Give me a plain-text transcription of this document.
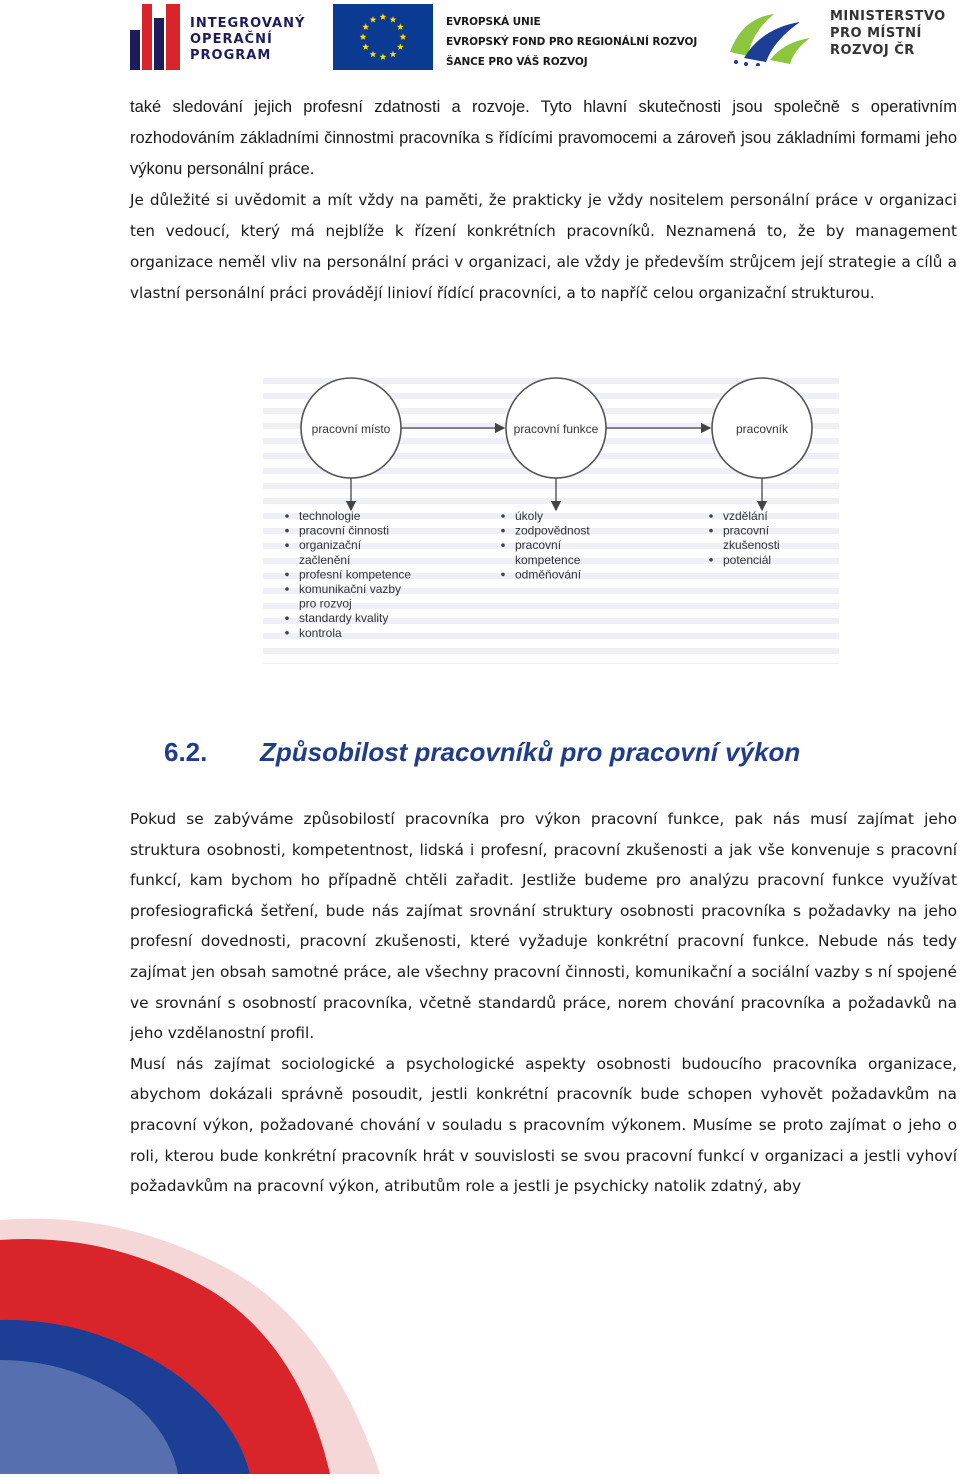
INTEGROVANÝ
OPERAČNÍ
PROGRAM
EVROPSKÁ UNIE
EVROPSKÝ FOND PRO REGIONÁLNÍ ROZVOJ
ŠANCE PRO VÁŠ ROZVOJ
MINISTERSTVO
PRO MÍSTNÍ
ROZVOJ ČR

také sledování jejich profesní zdatnosti a rozvoje. Tyto hlavní skutečnosti jsou společně s operativním rozhodováním základními činnostmi pracovníka s řídícími pravomocemi a zároveň jsou základními formami jeho výkonu personální práce.

Je důležité si uvědomit a mít vždy na paměti, že prakticky je vždy nositelem personální práce v organizaci ten vedoucí, který má nejblíže k řízení konkrétních pracovníků. Neznamená to, že by management organizace neměl vliv na personální práci v organizaci, ale vždy je především strůjcem její strategie a cílů a vlastní personální práci provádějí linioví řídící pracovníci, a to napříč celou organizační strukturou.

pracovní místo
technologie
pracovní činnosti
organizační
začlenění
profesní kompetence
komunikační vazby
pro rozvoj
standardy kvality
kontrola
pracovní funkce
úkoly
zodpovědnost
pracovní
kompetence
odměňování
pracovník
vzdělání
pracovní
zkušenosti
potenciál
6.2. Způsobilost pracovníků pro pracovní výkon

Pokud se zabýváme způsobilostí pracovníka pro výkon pracovní funkce, pak nás musí zajímat jeho struktura osobnosti, kompetentnost, lidská i profesní, pracovní zkušenosti a jak vše konvenuje s pracovní funkcí, kam bychom ho případně chtěli zařadit. Jestliže budeme pro analýzu pracovní funkce využívat profesiografická šetření, bude nás zajímat srovnání struktury osobnosti pracovníka s požadavky na jeho profesní dovednosti, pracovní zkušenosti, které vyžaduje konkrétní pracovní funkce. Nebude nás tedy zajímat jen obsah samotné práce, ale všechny pracovní činnosti, komunikační a sociální vazby s ní spojené ve srovnání s osobností pracovníka, včetně standardů práce, norem chování pracovníka a požadavků na jeho vzdělanostní profil.

Musí nás zajímat sociologické a psychologické aspekty osobnosti budoucího pracovníka organizace, abychom dokázali správně posoudit, jestli konkrétní pracovník bude schopen vyhovět požadavkům na pracovní výkon, požadované chování v souladu s pracovním výkonem. Musíme se proto zajímat o jeho o roli, kterou bude konkrétní pracovník hrát v souvislosti se svou pracovní funkcí v organizaci a jestli vyhoví požadavkům na pracovní výkon, atributům role a jestli je psychicky natolik zdatný, aby
